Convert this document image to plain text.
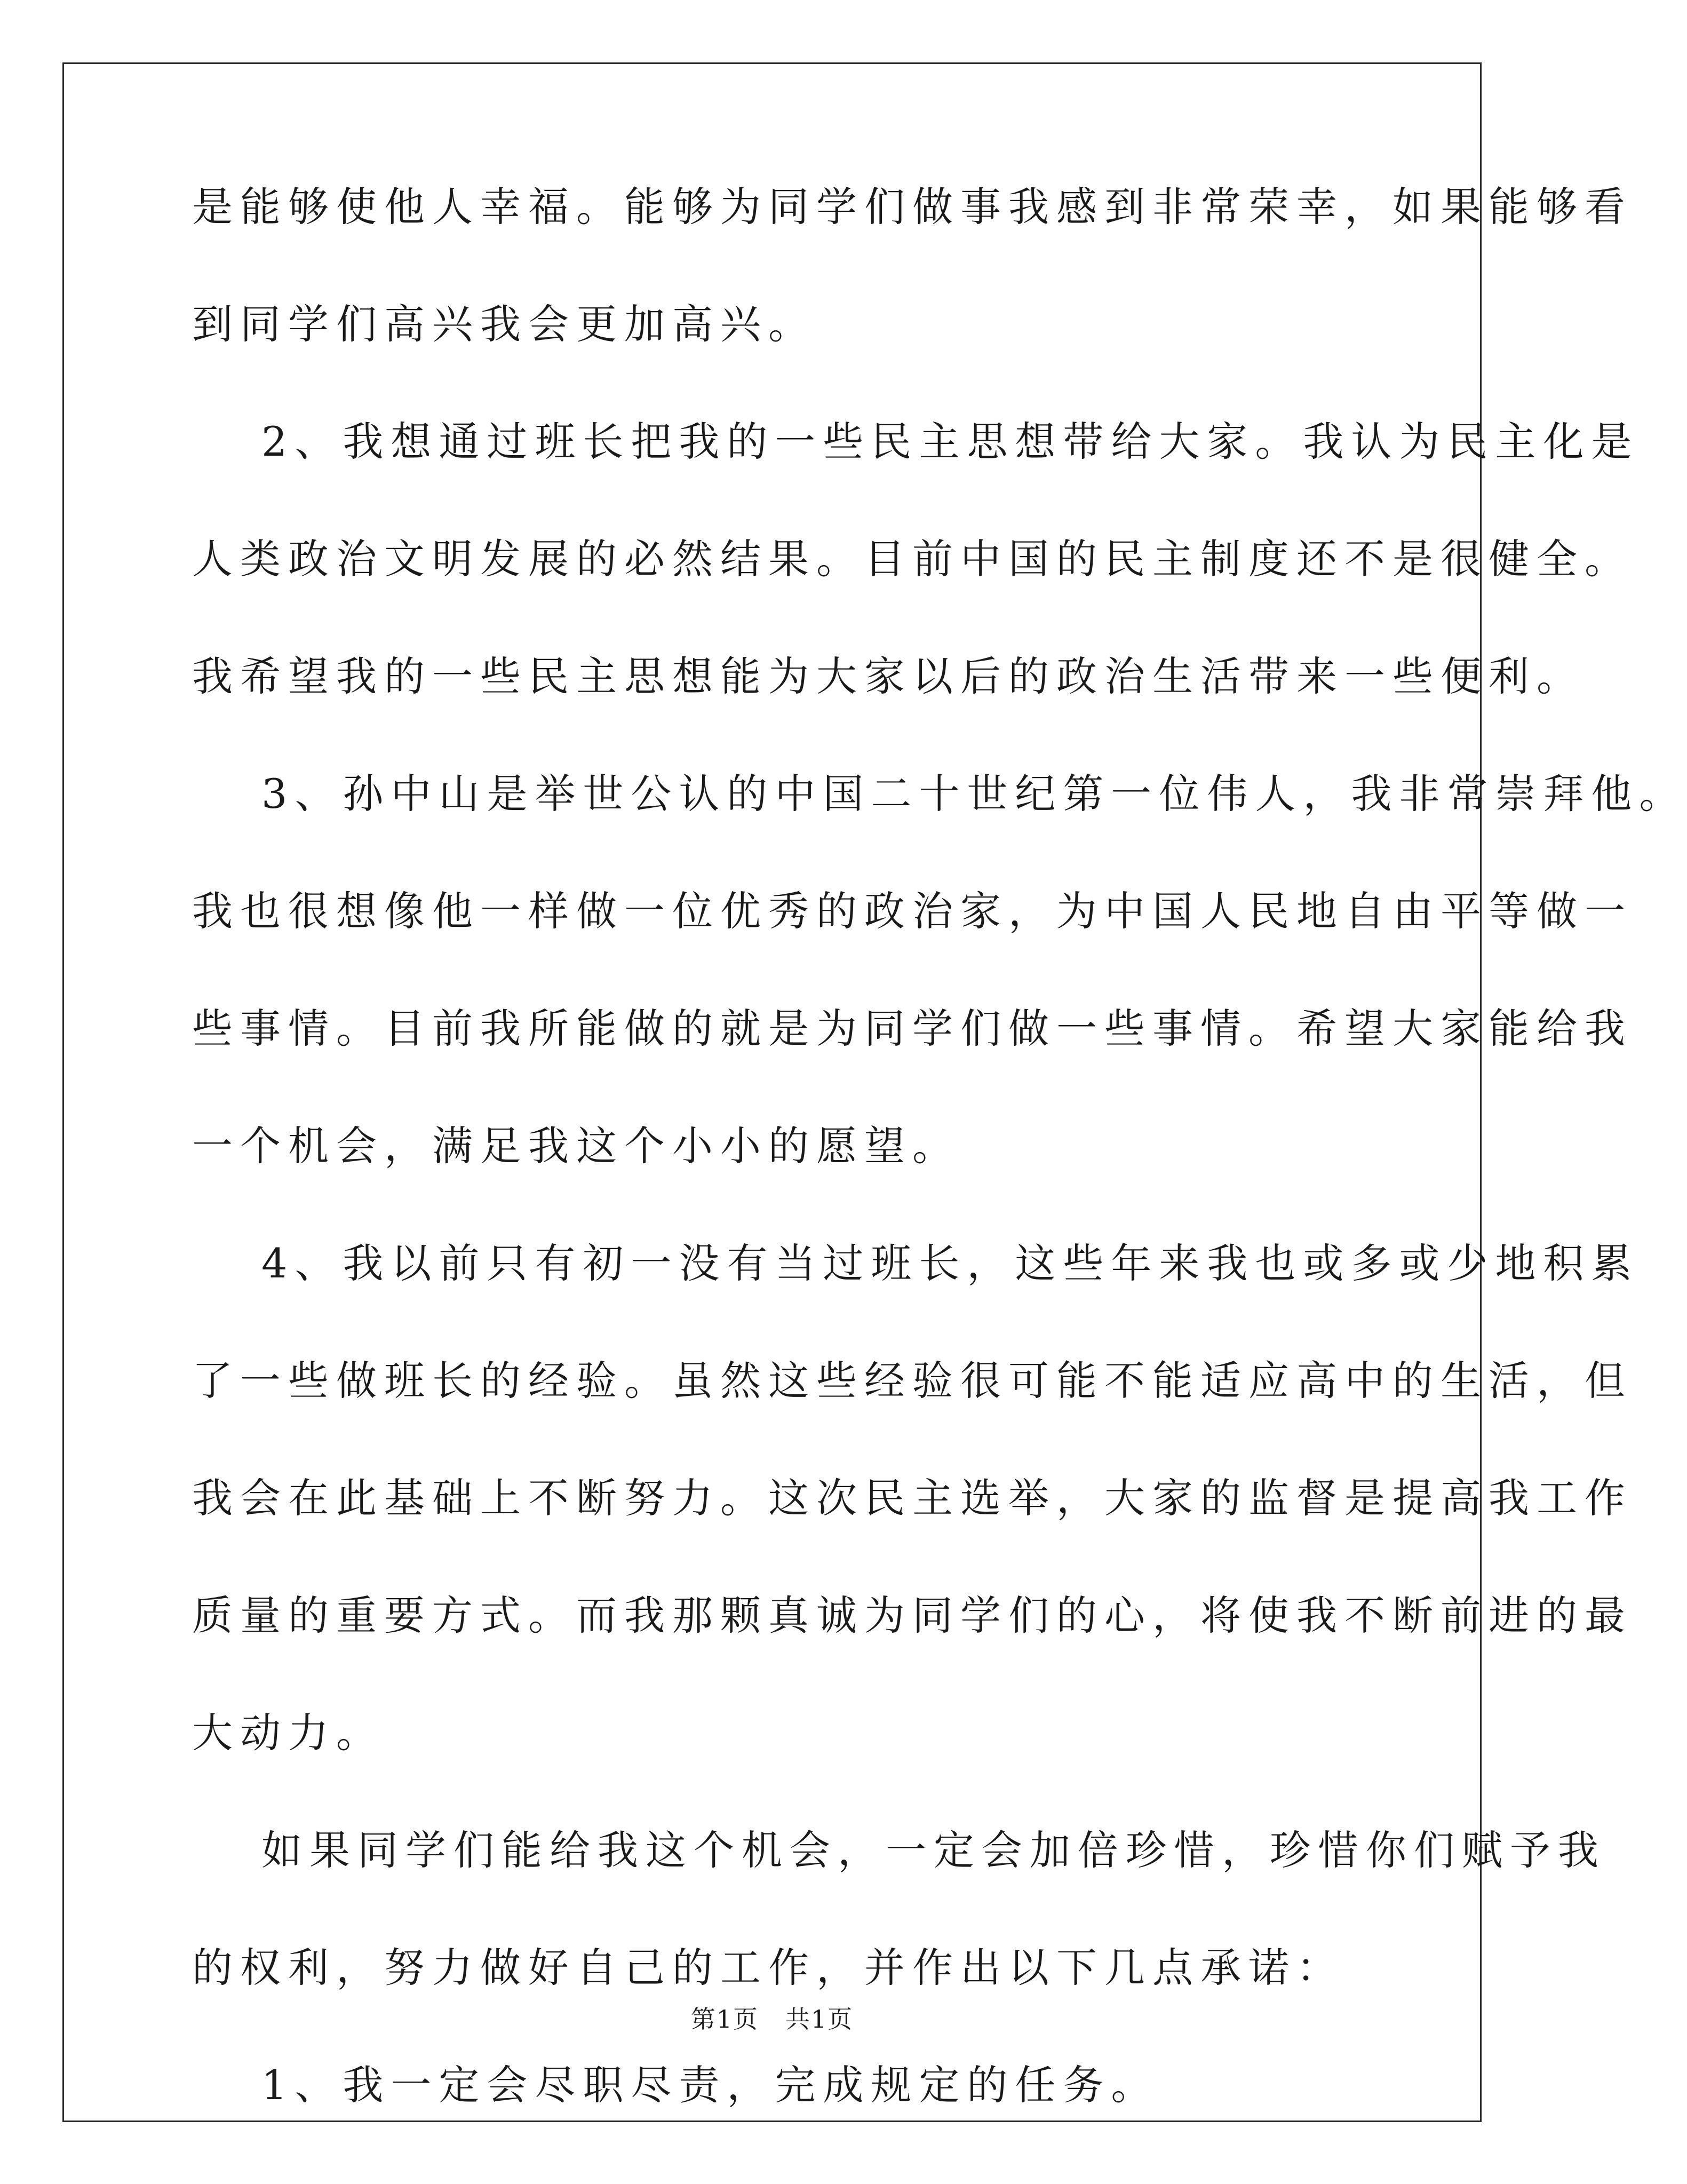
是能够使他人幸福。能够为同学们做事我感到非常荣幸，如果能够看
到同学们高兴我会更加高兴。
2、我想通过班长把我的一些民主思想带给大家。我认为民主化是
人类政治文明发展的必然结果。目前中国的民主制度还不是很健全。
我希望我的一些民主思想能为大家以后的政治生活带来一些便利。
3、孙中山是举世公认的中国二十世纪第一位伟人，我非常崇拜他。
我也很想像他一样做一位优秀的政治家，为中国人民地自由平等做一
些事情。目前我所能做的就是为同学们做一些事情。希望大家能给我
一个机会，满足我这个小小的愿望。
4、我以前只有初一没有当过班长，这些年来我也或多或少地积累
了一些做班长的经验。虽然这些经验很可能不能适应高中的生活，但
我会在此基础上不断努力。这次民主选举，大家的监督是提高我工作
质量的重要方式。而我那颗真诚为同学们的心，将使我不断前进的最
大动力。
如果同学们能给我这个机会，一定会加倍珍惜，珍惜你们赋予我
的权利，努力做好自己的工作，并作出以下几点承诺：
1、我一定会尽职尽责，完成规定的任务。
第1页 共1页
